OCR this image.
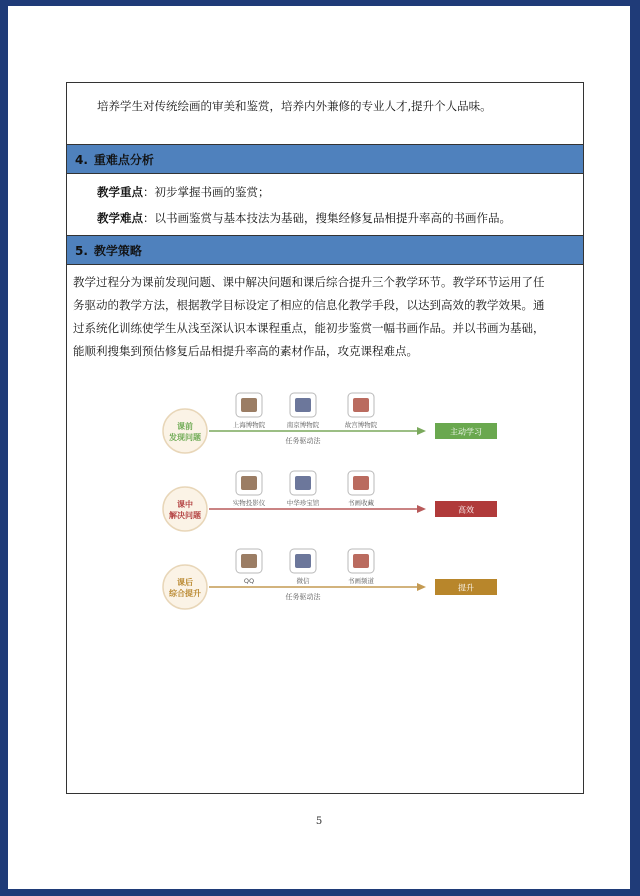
培养学生对传统绘画的审美和鉴赏，培养内外兼修的专业人才,提升个人品味。
4. 重难点分析
教学重点：初步掌握书画的鉴赏；
教学难点：以书画鉴赏与基本技法为基础，搜集经修复品相提升率高的书画作品。
5. 教学策略
教学过程分为课前发现问题、课中解决问题和课后综合提升三个教学环节。教学环节运用了任
务驱动的教学方法，根据教学目标设定了相应的信息化教学手段，以达到高效的教学效果。通
过系统化训练使学生从浅至深认识本课程重点，能初步鉴赏一幅书画作品。并以书画为基础，
能顺利搜集到预估修复后品相提升率高的素材作品，攻克课程难点。
课前
发现问题
上海博物院	南京博物院	故宫博物院
任务驱动法
主动学习
课中
解决问题
实物投影仪	中华珍宝馆	书画收藏
高效
课后
综合提升
QQ	微信	书画频道
任务驱动法
提升
5
